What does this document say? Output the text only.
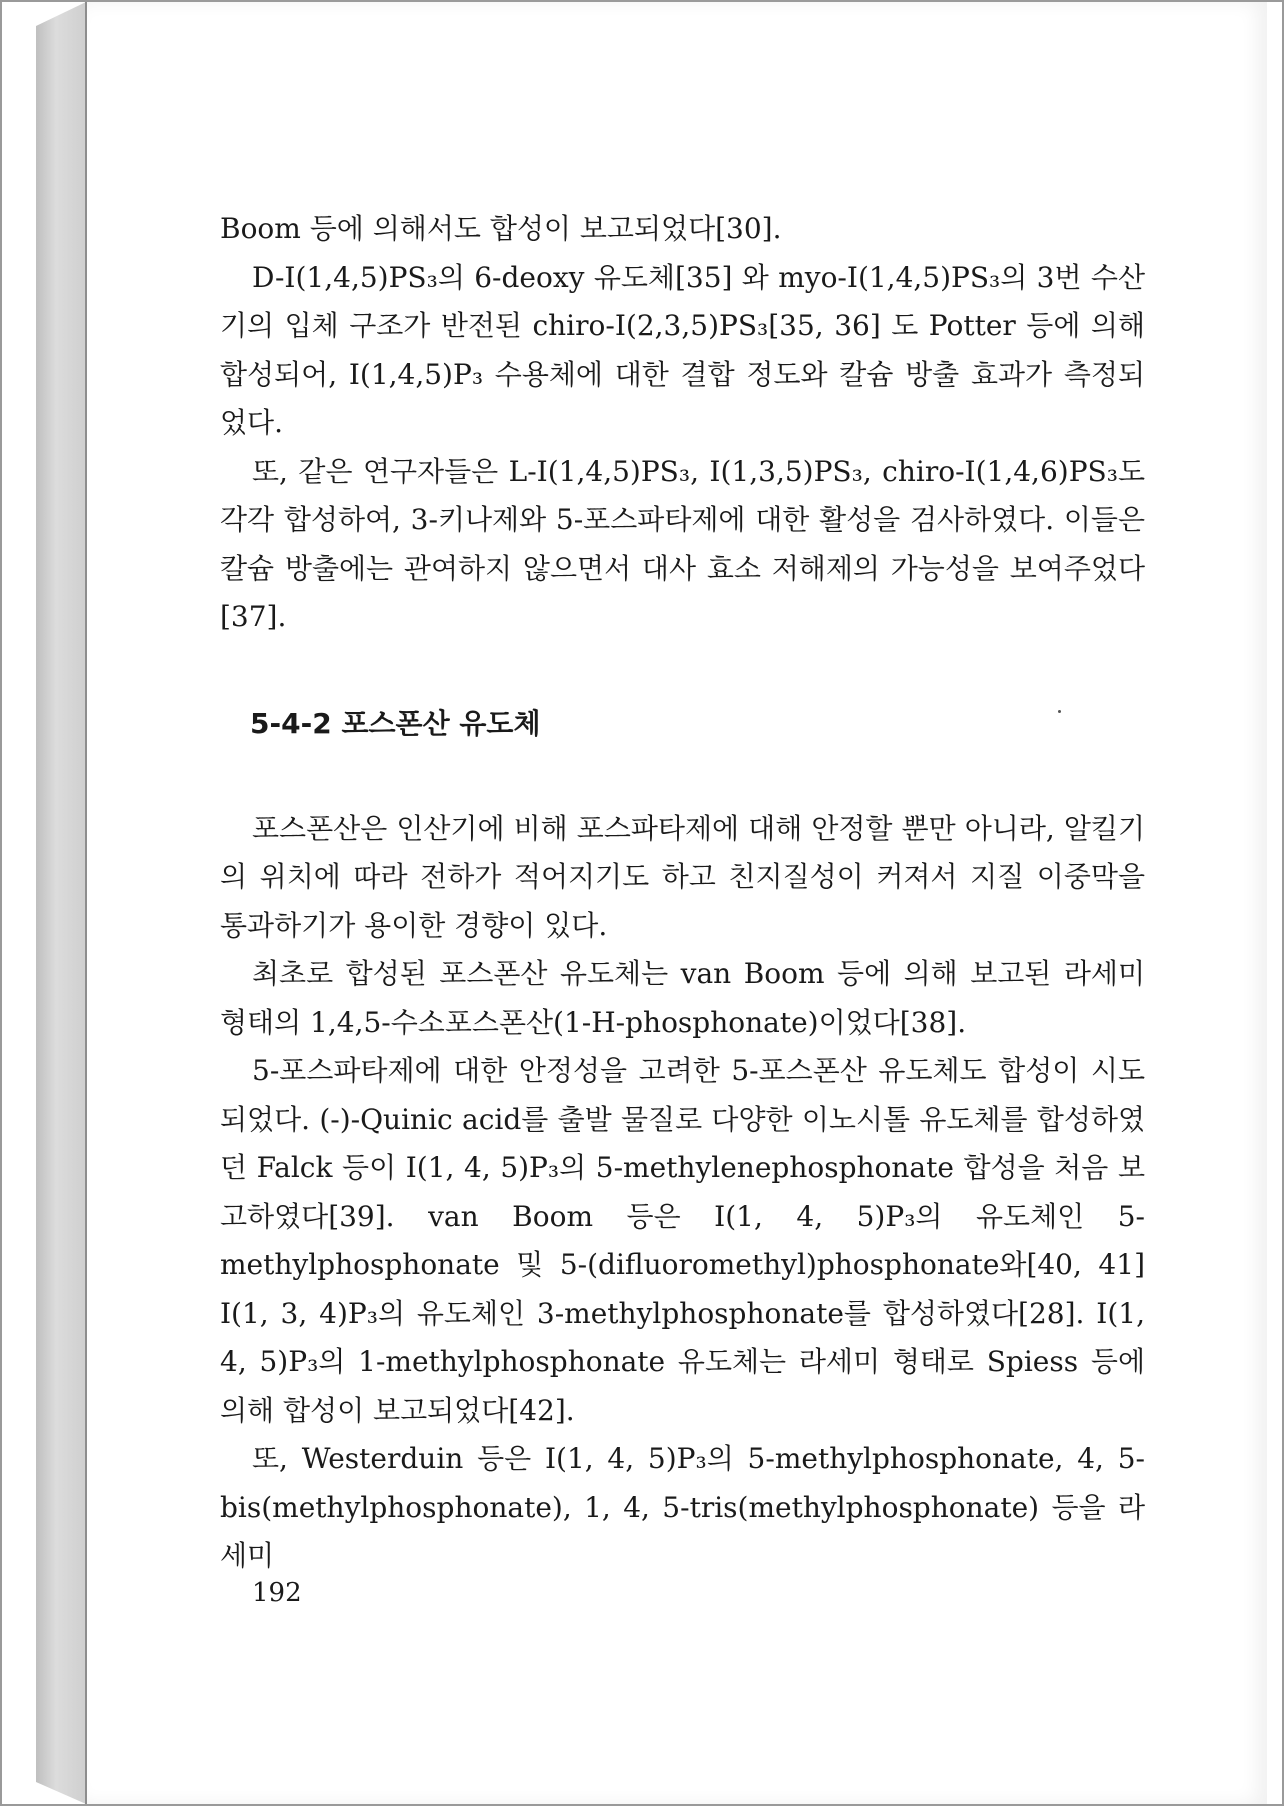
Boom 등에 의해서도 합성이 보고되었다[30].

D-I(1,4,5)PS₃의 6-deoxy 유도체[35] 와 myo-I(1,4,5)PS₃의 3번 수산기의 입체 구조가 반전된 chiro-I(2,3,5)PS₃[35, 36] 도 Potter 등에 의해 합성되어, I(1,4,5)P₃ 수용체에 대한 결합 정도와 칼슘 방출 효과가 측정되었다.

또, 같은 연구자들은 L-I(1,4,5)PS₃, I(1,3,5)PS₃, chiro-I(1,4,6)PS₃도 각각 합성하여, 3-키나제와 5-포스파타제에 대한 활성을 검사하였다. 이들은 칼슘 방출에는 관여하지 않으면서 대사 효소 저해제의 가능성을 보여주었다[37].

5-4-2 포스폰산 유도체

포스폰산은 인산기에 비해 포스파타제에 대해 안정할 뿐만 아니라, 알킬기의 위치에 따라 전하가 적어지기도 하고 친지질성이 커져서 지질 이중막을 통과하기가 용이한 경향이 있다.

최초로 합성된 포스폰산 유도체는 van Boom 등에 의해 보고된 라세미 형태의 1,4,5-수소포스폰산(1-H-phosphonate)이었다[38].

5-포스파타제에 대한 안정성을 고려한 5-포스폰산 유도체도 합성이 시도되었다. (-)-Quinic acid를 출발 물질로 다양한 이노시톨 유도체를 합성하였던 Falck 등이 I(1, 4, 5)P₃의 5-methylenephosphonate 합성을 처음 보고하였다[39]. van Boom 등은 I(1, 4, 5)P₃의 유도체인 5-methylphosphonate 및 5-(difluoromethyl)phosphonate와[40, 41] I(1, 3, 4)P₃의 유도체인 3-methylphosphonate를 합성하였다[28]. I(1, 4, 5)P₃의 1-methylphosphonate 유도체는 라세미 형태로 Spiess 등에 의해 합성이 보고되었다[42].

또, Westerduin 등은 I(1, 4, 5)P₃의 5-methylphosphonate, 4, 5-bis(methylphosphonate), 1, 4, 5-tris(methylphosphonate) 등을 라세미

192
